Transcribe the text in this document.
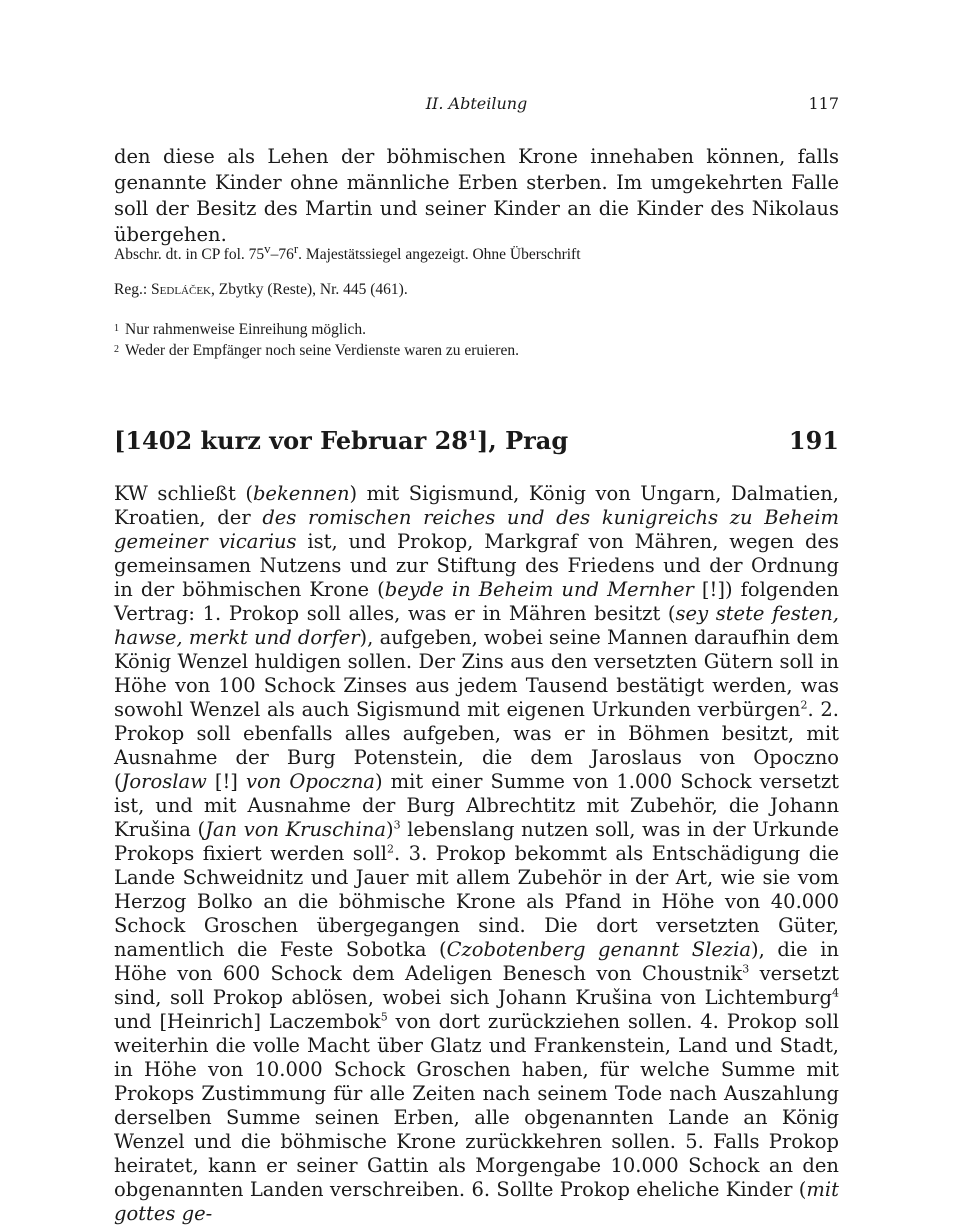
II. Abteilung	117

den diese als Lehen der böhmischen Krone innehaben können, falls genannte Kinder ohne männliche Erben sterben. Im umgekehrten Falle soll der Besitz des Martin und seiner Kinder an die Kinder des Nikolaus übergehen.

Abschr. dt. in CP fol. 75$^v$–76$^r$. Majestätssiegel angezeigt. Ohne Überschrift
Reg.: Sedláček, Zbytky (Reste), Nr. 445 (461).
$^1$ Nur rahmenweise Einreihung möglich.
$^2$ Weder der Empfänger noch seine Verdienste waren zu eruieren.
[1402 kurz vor Februar $28^1$], Prag	191

KW schließt (bekennen) mit Sigismund, König von Ungarn, Dalmatien, Kroatien, der des romischen reiches und des kunigreichs zu Beheim gemeiner vicarius ist, und Prokop, Markgraf von Mähren, wegen des gemeinsamen Nutzens und zur Stiftung des Friedens und der Ordnung in der böhmischen Krone (beyde in Beheim und Mernher [!]) folgenden Vertrag: 1. Prokop soll alles, was er in Mähren besitzt (sey stete festen, hawse, merkt und dorfer), aufgeben, wobei seine Mannen daraufhin dem König Wenzel huldigen sollen. Der Zins aus den versetzten Gütern soll in Höhe von 100 Schock Zinses aus jedem Tausend bestätigt werden, was sowohl Wenzel als auch Sigismund mit eigenen Urkunden verbürgen$^2$. 2. Prokop soll ebenfalls alles aufgeben, was er in Böhmen besitzt, mit Ausnahme der Burg Potenstein, die dem Jaroslaus von Opoczno (Joroslaw [!] von Opoczna) mit einer Summe von 1.000 Schock versetzt ist, und mit Ausnahme der Burg Albrechtitz mit Zubehör, die Johann Krušina (Jan von Kruschina)$^3$ lebenslang nutzen soll, was in der Urkunde Prokops fixiert werden soll$^2$. 3. Prokop bekommt als Entschädigung die Lande Schweidnitz und Jauer mit allem Zubehör in der Art, wie sie vom Herzog Bolko an die böhmische Krone als Pfand in Höhe von 40.000 Schock Groschen übergegangen sind. Die dort versetzten Güter, namentlich die Feste Sobotka (Czobotenberg genannt Slezia), die in Höhe von 600 Schock dem Adeligen Benesch von Choustnik$^3$ versetzt sind, soll Prokop ablösen, wobei sich Johann Krušina von Lichtemburg$^4$ und [Heinrich] Laczembok$^5$ von dort zurückziehen sollen. 4. Prokop soll weiterhin die volle Macht über Glatz und Frankenstein, Land und Stadt, in Höhe von 10.000 Schock Groschen haben, für welche Summe mit Prokops Zustimmung für alle Zeiten nach seinem Tode nach Auszahlung derselben Summe seinen Erben, alle obgenannten Lande an König Wenzel und die böhmische Krone zurückkehren sollen. 5. Falls Prokop heiratet, kann er seiner Gattin als Morgengabe 10.000 Schock an den obgenannten Landen verschreiben. 6. Sollte Prokop eheliche Kinder (mit gottes ge-
